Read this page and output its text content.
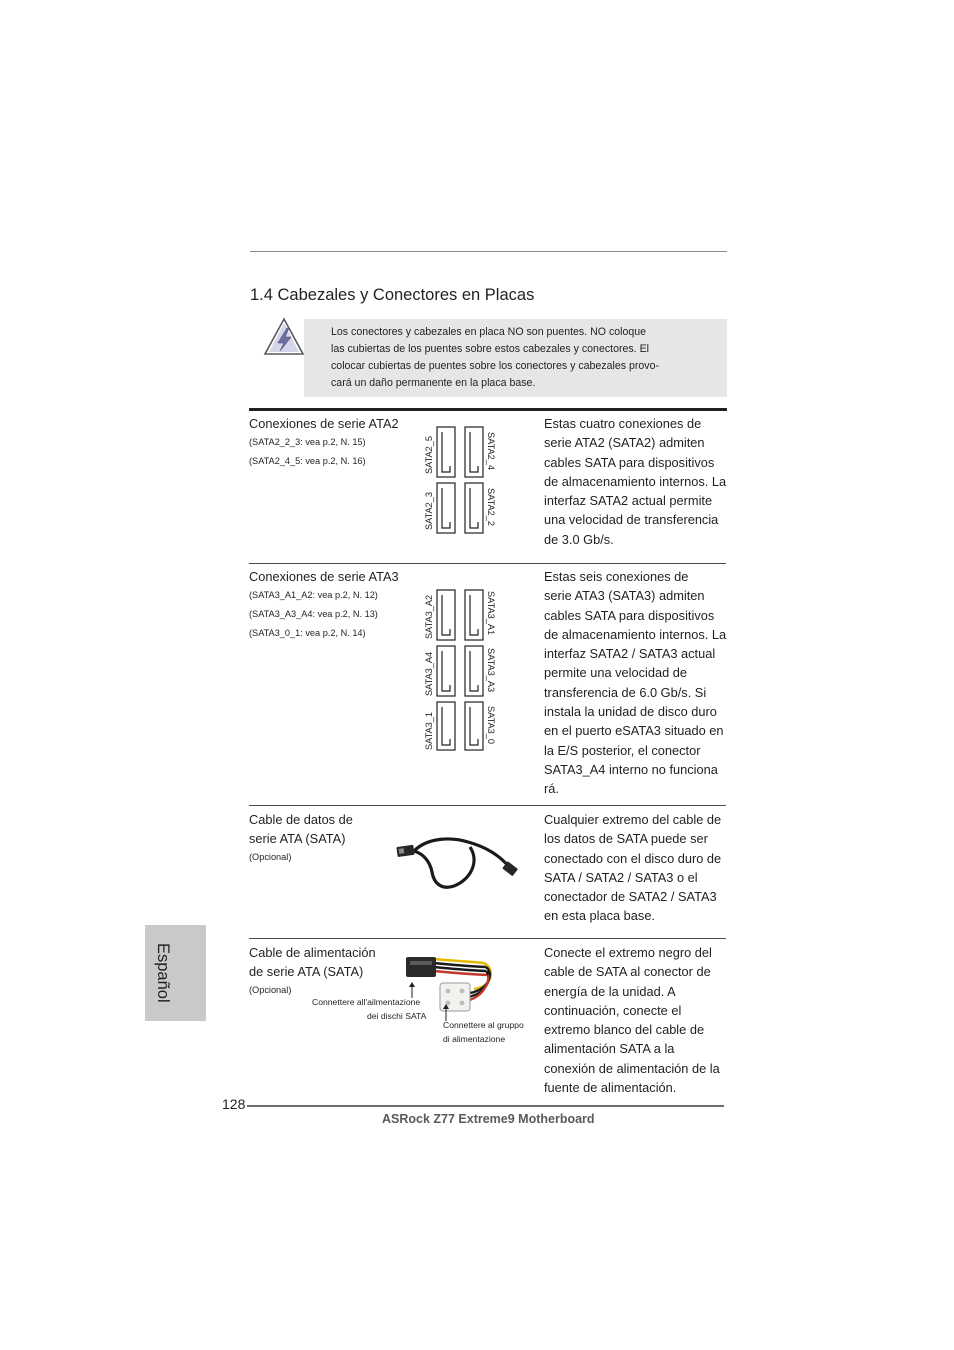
1.4 Cabezales y Conectores en Placas
Los conectores y cabezales en placa NO son puentes. NO coloque
las cubiertas de los puentes sobre estos cabezales y conectores. El
colocar cubiertas de puentes sobre los conectores y cabezales provo-
cará un daño permanente en la placa base.
Conexiones de serie ATA2
(SATA2_2_3: vea p.2, N. 15)
(SATA2_4_5: vea p.2, N. 16)	SATA2_5	SATA2_4
SATA2_3	SATA2_2
Estas cuatro conexiones de
serie ATA2 (SATA2) admiten
cables SATA para dispositivos
de almacenamiento internos. La
interfaz SATA2 actual permite
una velocidad de transferencia
de 3.0 Gb/s.
Conexiones de serie ATA3
(SATA3_A1_A2: vea p.2, N. 12)
(SATA3_A3_A4: vea p.2, N. 13)
(SATA3_0_1: vea p.2, N. 14)	SATA3_A2	SATA3_A1
SATA3_A4	SATA3_A3
SATA3_1	SATA3_0
Estas seis conexiones de
serie ATA3 (SATA3) admiten
cables SATA para dispositivos
de almacenamiento internos. La
interfaz SATA2 / SATA3 actual
permite una velocidad de
transferencia de 6.0 Gb/s. Si
instala la unidad de disco duro
en el puerto eSATA3 situado en
la E/S posterior, el conector
SATA3_A4 interno no funciona
rá.
Cable de datos de
serie ATA (SATA)
(Opcional)
Cualquier extremo del cable de
los datos de SATA puede ser
conectado con el disco duro de
SATA / SATA2 / SATA3 o el
conectador de SATA2 / SATA3
en esta placa base.
Cable de alimentación
de serie ATA (SATA)
(Opcional)
Connettere all'ailmentazione
dei dischi SATA
Connettere al gruppo
di alimentazione
Conecte el extremo negro del
cable de SATA al conector de
energía de la unidad. A
continuación, conecte el
extremo blanco del cable de
alimentación SATA a la
conexión de alimentación de la
fuente de alimentación.
Español
128
ASRock Z77 Extreme9 Motherboard
